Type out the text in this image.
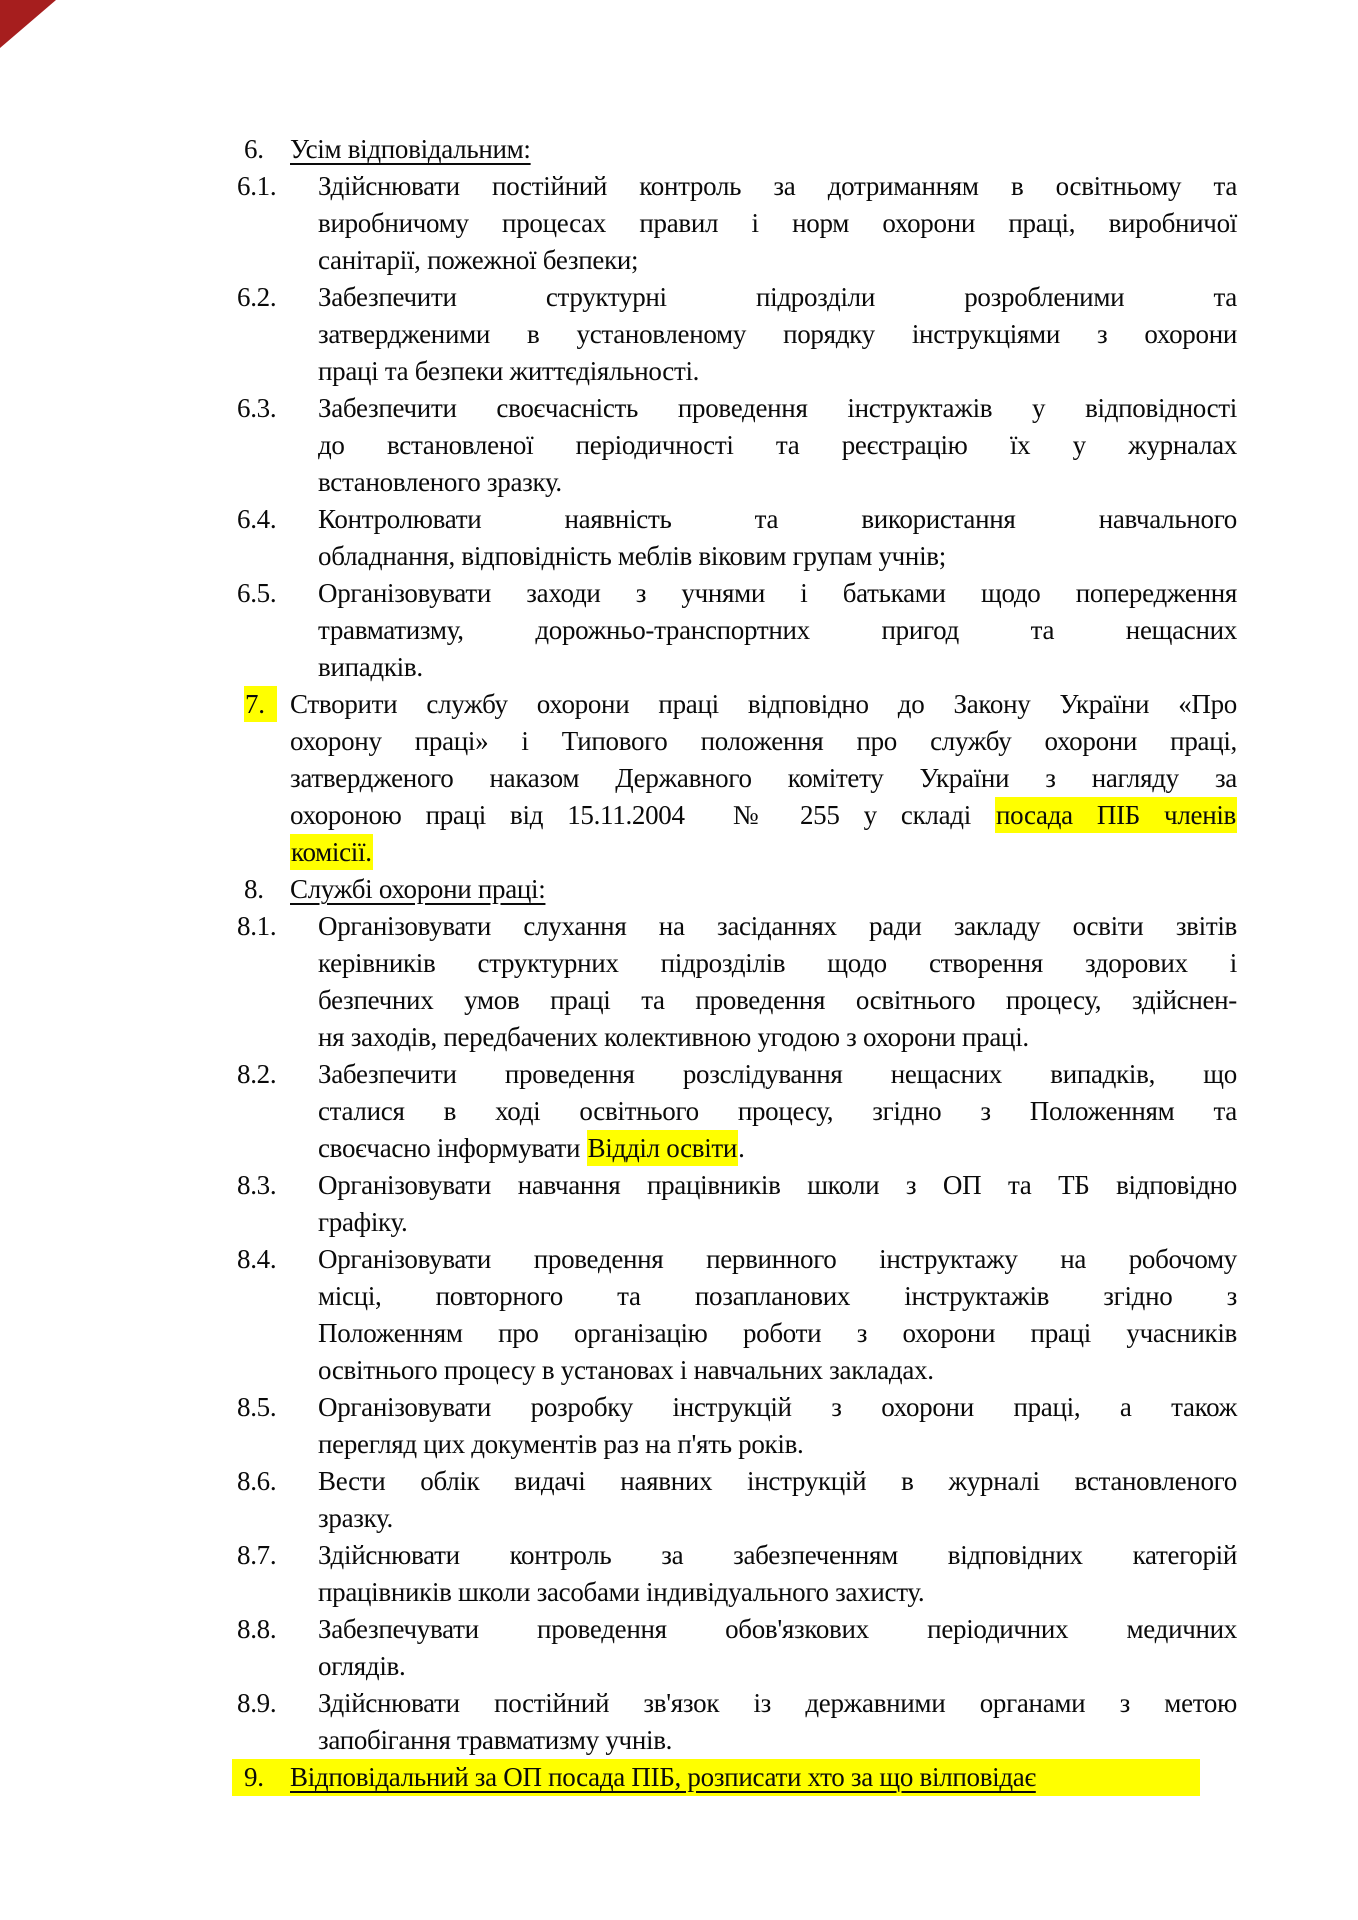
6. Усім відповідальним:
6.1.	Здійснювати постійний контроль за дотриманням в освітньому та
виробничому процесах правил і норм охорони праці, виробничої
санітарії, пожежної безпеки;
6.2.	Забезпечити структурні підрозділи розробленими та
затвердженими в установленому порядку інструкціями з охорони
праці та безпеки життєдіяльності.
6.3.	Забезпечити своєчасність проведення інструктажів у відповідності
до встановленої періодичності та реєстрацію їх у журналах
встановленого зразку.
6.4.	Контролювати наявність та використання навчального
обладнання, відповідність меблів віковим групам учнів;
6.5.	Організовувати заходи з учнями і батьками щодо попередження
травматизму, дорожньо-транспортних пригод та нещасних
випадків.
7. Створити службу охорони праці відповідно до Закону України «Про
охорону праці» і Типового положення про службу охорони праці,
затвердженого наказом Державного комітету України з нагляду за
охороною праці від 15.11.2004  № 255 у складі посада ПІБ членів
комісії.
8. Службі охорони праці:
8.1.	Організовувати слухання на засіданнях ради закладу освіти звітів
керівників структурних підрозділів щодо створення здорових і
безпечних умов праці та проведення освітнього процесу, здійснен-
ня заходів, передбачених колективною угодою з охорони праці.
8.2.	Забезпечити проведення розслідування нещасних випадків, що
сталися в ході освітнього процесу, згідно з Положенням та
своєчасно інформувати Відділ освіти.
8.3.	Організовувати навчання працівників школи з ОП та ТБ відповідно
графіку.
8.4.	Організовувати проведення первинного інструктажу на робочому
місці, повторного та позапланових інструктажів згідно з
Положенням про організацію роботи з охорони праці учасників
освітнього процесу в установах і навчальних закладах.
8.5.	Організовувати розробку інструкцій з охорони праці, а також
перегляд цих документів раз на п'ять років.
8.6.	Вести облік видачі наявних інструкцій в журналі встановленого
зразку.
8.7.	Здійснювати контроль за забезпеченням відповідних категорій
працівників школи засобами індивідуального захисту.
8.8.	Забезпечувати проведення обов'язкових періодичних медичних
оглядів.
8.9.	Здійснювати постійний зв'язок із державними органами з метою
запобігання травматизму учнів.
9. Відповідальний за ОП посада ПІБ, розписати хто за що вілповідає
